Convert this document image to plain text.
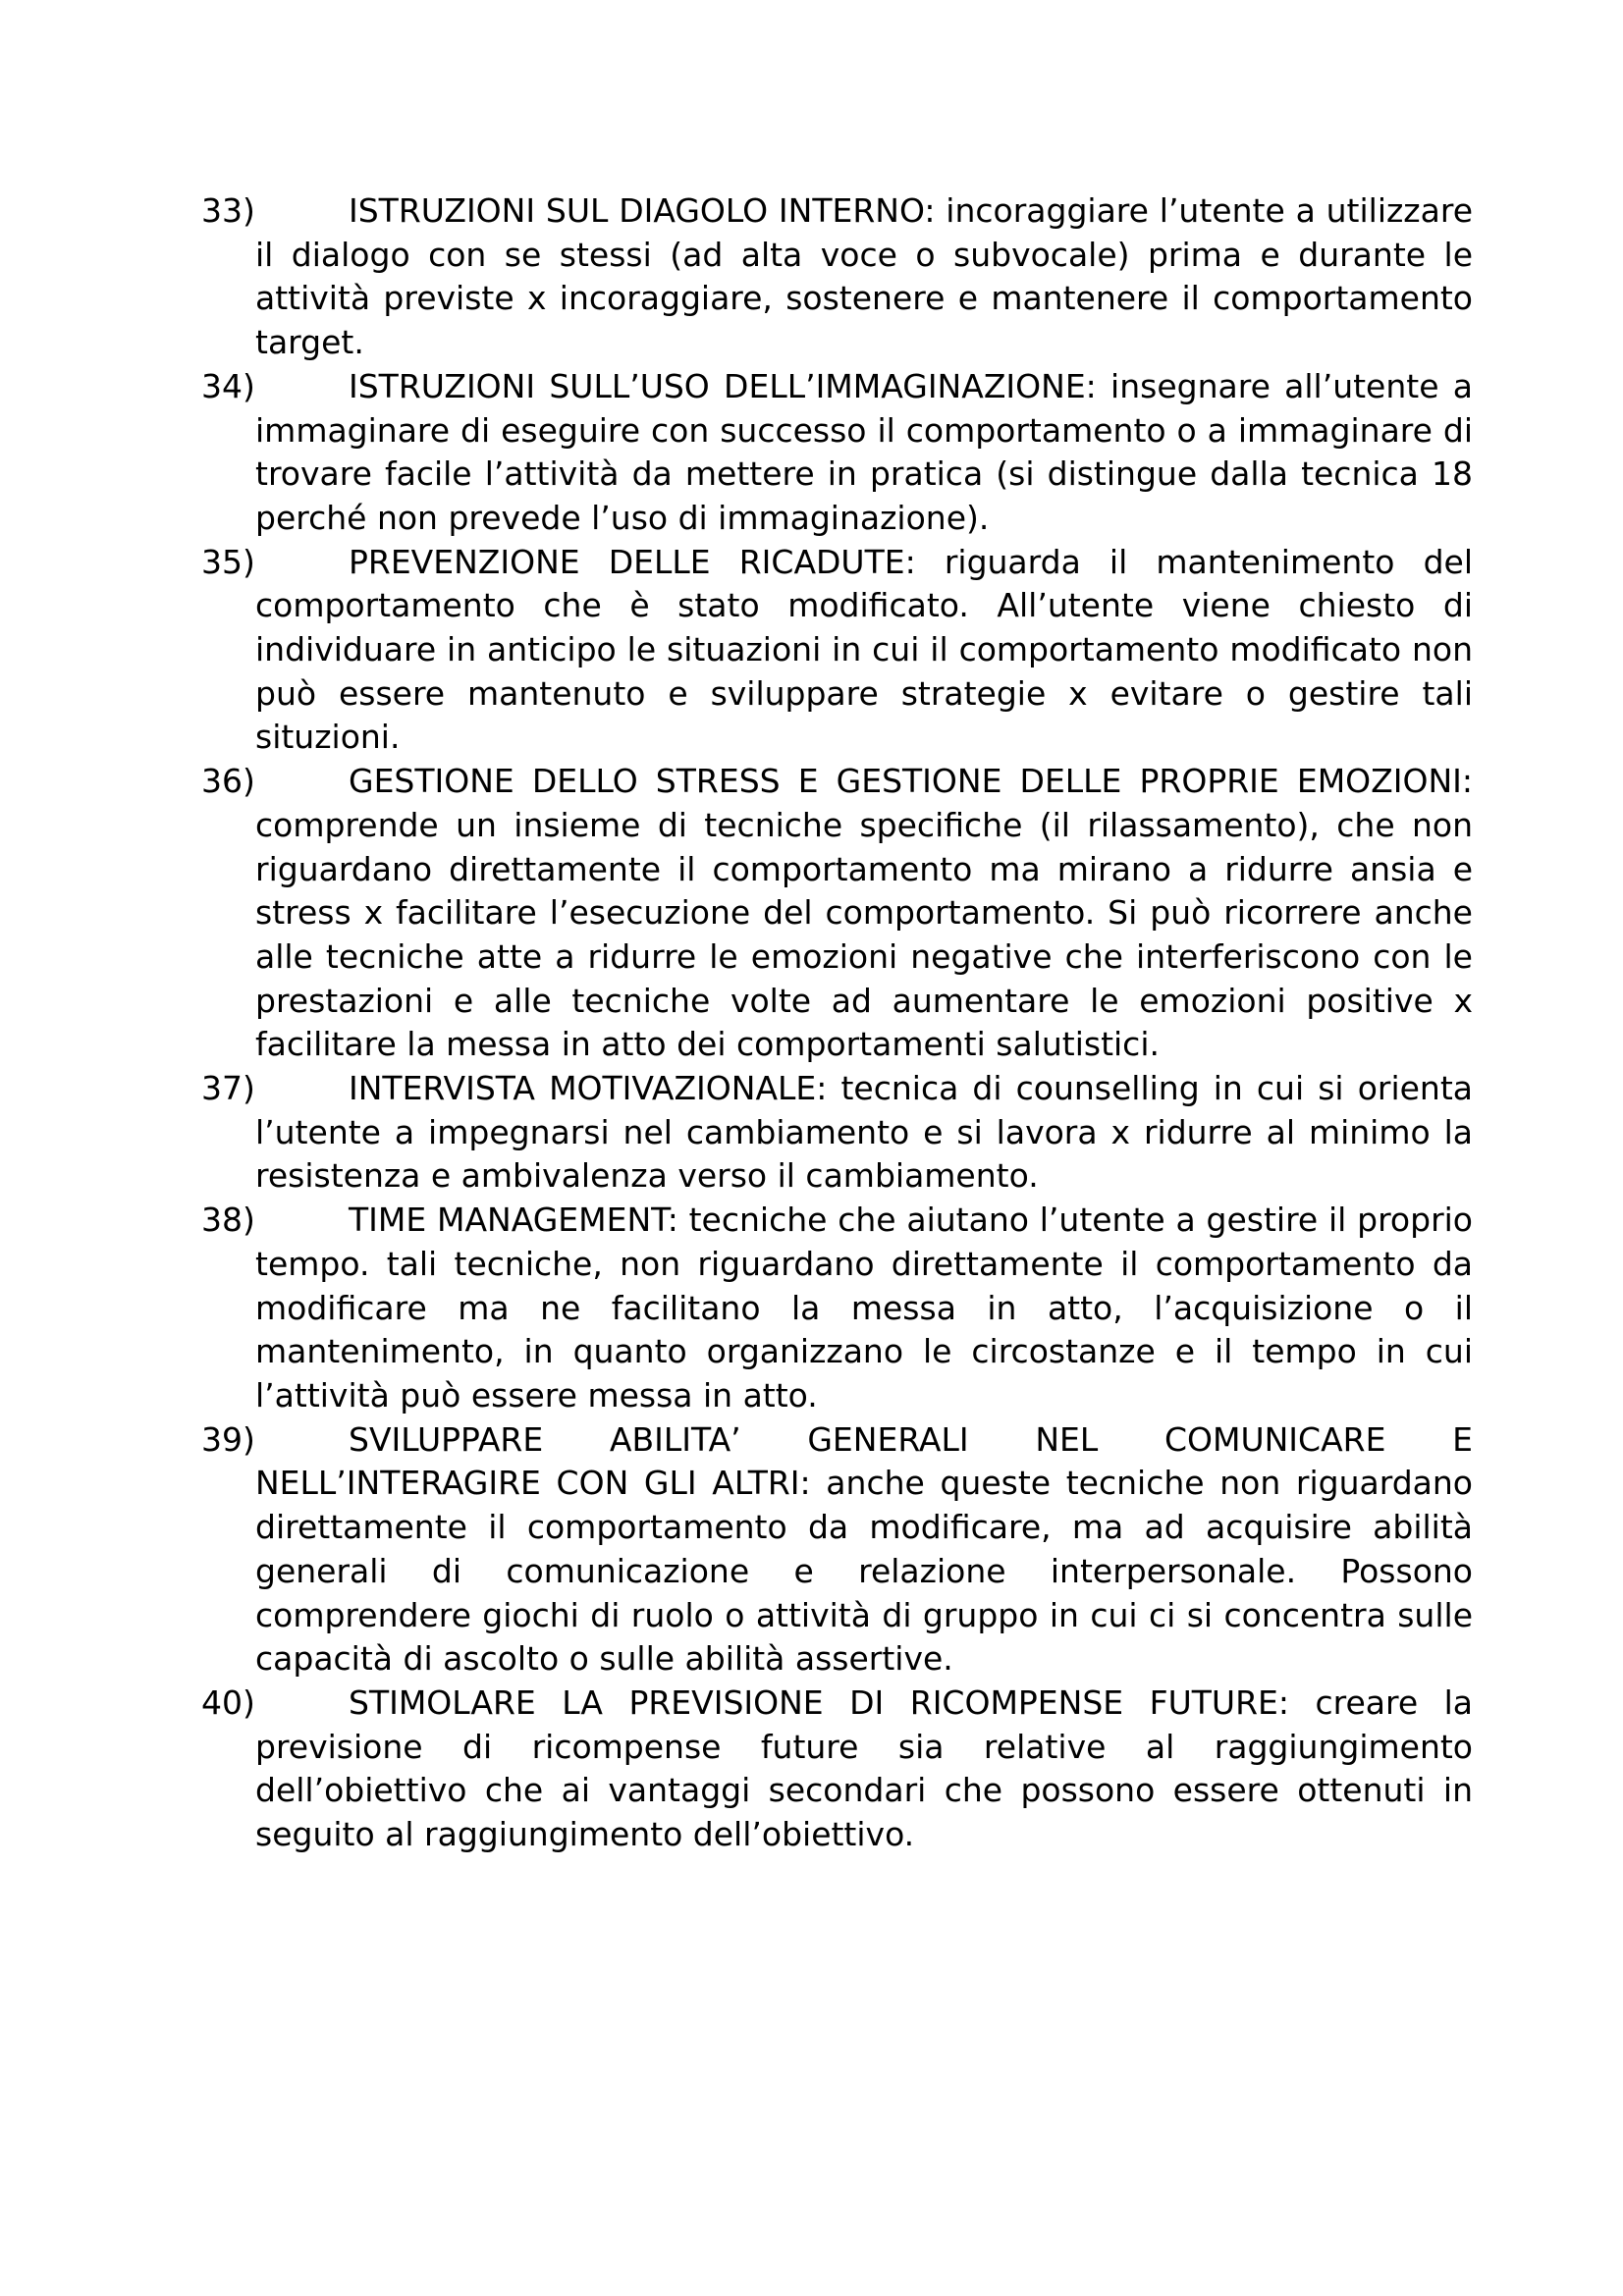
33)	ISTRUZIONI SUL DIAGOLO INTERNO: incoraggiare l’utente a utilizzare il dialogo con se stessi (ad alta voce o subvocale) prima e durante le attività previste x incoraggiare, sostenere e mantenere il comportamento target.
34)	ISTRUZIONI SULL’USO DELL’IMMAGINAZIONE: insegnare all’utente a immaginare di eseguire con successo il comportamento o a immaginare di trovare facile l’attività da mettere in pratica (si distingue dalla tecnica 18 perché non prevede l’uso di immaginazione).
35)	PREVENZIONE DELLE RICADUTE: riguarda il mantenimento del comportamento che è stato modificato. All’utente viene chiesto di individuare in anticipo le situazioni in cui il comportamento modificato non può essere mantenuto e sviluppare strategie x evitare o gestire tali situzioni.
36)	GESTIONE DELLO STRESS E GESTIONE DELLE PROPRIE EMOZIONI: comprende un insieme di tecniche specifiche (il rilassamento), che non riguardano direttamente il comportamento ma mirano a ridurre ansia e stress x facilitare l’esecuzione del comportamento. Si può ricorrere anche alle tecniche atte a ridurre le emozioni negative che interferiscono con le prestazioni e alle tecniche volte ad aumentare le emozioni positive x facilitare la messa in atto dei comportamenti salutistici.
37)	INTERVISTA MOTIVAZIONALE: tecnica di counselling in cui si orienta l’utente a impegnarsi nel cambiamento e si lavora x ridurre al minimo la resistenza e ambivalenza verso il cambiamento.
38)	TIME MANAGEMENT: tecniche che aiutano l’utente a gestire il proprio tempo. tali tecniche, non riguardano direttamente il comportamento da modificare ma ne facilitano la messa in atto, l’acquisizione o il mantenimento, in quanto organizzano le circostanze e il tempo in cui l’attività può essere messa in atto.
39)	SVILUPPARE ABILITA’ GENERALI NEL COMUNICARE E NELL’INTERAGIRE CON GLI ALTRI: anche queste tecniche non riguardano direttamente il comportamento da modificare, ma ad acquisire abilità generali di comunicazione e relazione interpersonale. Possono comprendere giochi di ruolo o attività di gruppo in cui ci si concentra sulle capacità di ascolto o sulle abilità assertive.
40)	STIMOLARE LA PREVISIONE DI RICOMPENSE FUTURE: creare la previsione di ricompense future sia relative al raggiungimento dell’obiettivo che ai vantaggi secondari che possono essere ottenuti in seguito al raggiungimento dell’obiettivo.
